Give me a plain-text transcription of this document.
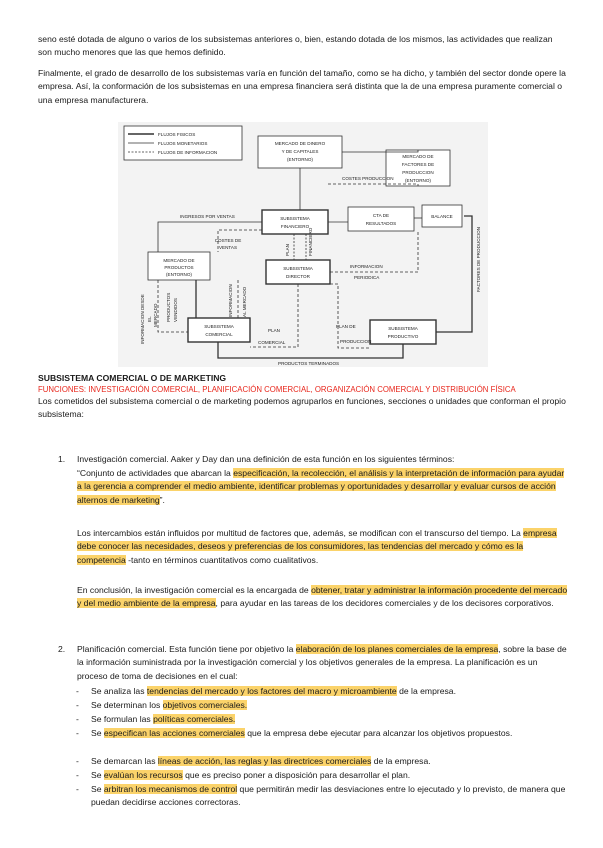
seno esté dotada de alguno o varios de los subsistemas anteriores o, bien, estando dotada de los mismos, las actividades que realizan son mucho menores que las que hemos definido.

Finalmente, el grado de desarrollo de los subsistemas varía en función del tamaño, como se ha dicho, y también del sector donde opere la empresa. Así, la conformación de los subsistemas en una empresa financiera será distinta que la de una empresa puramente comercial o una empresa manufacturera.

FLUJOS FISICOS
FLUJOS MONETARIOS
FLUJOS DE INFORMACION
MERCADO DE DINERO
Y DE CAPITALES
(ENTORNO)
MERCADO DE
FACTORES DE
PRODUCCION
(ENTORNO)
SUBSISTEMA
FINANCIERO
CTA DE
RESULTADOS
BALANCE
MERCADO DE
PRODUCTOS
(ENTORNO)
SUBSISTEMA
DIRECTOR
SUBSISTEMA
COMERCIAL
SUBSISTEMA
PRODUCTIVO
COSTES PRODUCCION
INGRESOS POR VENTAS
COSTES DE
VENTAS	PLAN	FINANCIERO
INFORMACION
PERIODICA	FACTORES DE PRODUCCION
INFORMACION DESDE EL MERCADO PRODUCTOS VENDIDOS	INFORMACION AL MERCADO
PLAN
COMERCIAL
PLAN DE
PRODUCCION
PRODUCTOS TERMINADOS

SUBSISTEMA COMERCIAL O DE MARKETING

FUNCIONES: INVESTIGACIÓN COMERCIAL, PLANIFICACIÓN COMERCIAL, ORGANIZACIÓN COMERCIAL Y DISTRIBUCIÓN FÍSICA

Los cometidos del subsistema comercial o de marketing podemos agruparlos en funciones, secciones o unidades que conforman el propio subsistema:

1. Investigación comercial. Aaker y Day dan una definición de esta función en los siguientes términos:

“Conjunto de actividades que abarcan la especificación, la recolección, el análisis y la interpretación de información para ayudar a la gerencia a comprender el medio ambiente, identificar problemas y oportunidades y desarrollar y evaluar cursos de acción alternos de marketing”.

Los intercambios están influidos por multitud de factores que, además, se modifican con el transcurso del tiempo. La empresa debe conocer las necesidades, deseos y preferencias de los consumidores, las tendencias del mercado y cómo es la competencia -tanto en términos cuantitativos como cualitativos.

En conclusión, la investigación comercial es la encargada de obtener, tratar y administrar la información procedente del mercado y del medio ambiente de la empresa, para ayudar en las tareas de los decidores comerciales y de los decisores corporativos.

2. Planificación comercial. Esta función tiene por objetivo la elaboración de los planes comerciales de la empresa, sobre la base de la información suministrada por la investigación comercial y los objetivos generales de la empresa. La planificación es un proceso de toma de decisiones en el cual:

- Se analiza las tendencias del mercado y los factores del macro y microambiente de la empresa.
- Se determinan los objetivos comerciales.
- Se formulan las políticas comerciales.
- Se especifican las acciones comerciales que la empresa debe ejecutar para alcanzar los objetivos propuestos.
- Se demarcan las líneas de acción, las reglas y las directrices comerciales de la empresa.
- Se evalúan los recursos que es preciso poner a disposición para desarrollar el plan.
- Se arbitran los mecanismos de control que permitirán medir las desviaciones entre lo ejecutado y lo previsto, de manera que puedan decidirse acciones correctoras.
